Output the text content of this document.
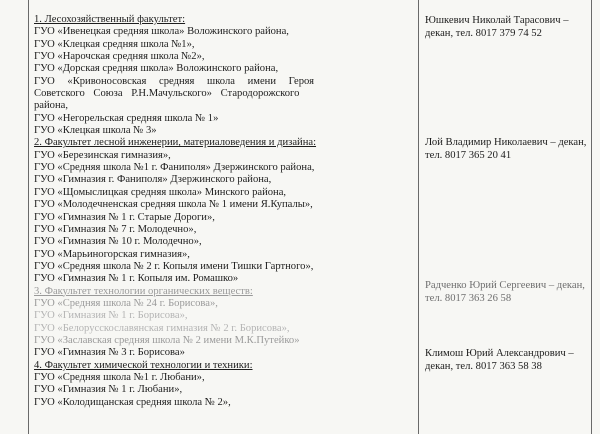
1. Лесохозяйственный факультет:
ГУО «Ивенецкая средняя школа» Воложинского района,
ГУО «Клецкая средняя школа №1»,
ГУО «Нарочская средняя школа №2»,
ГУО «Дорская средняя школа» Воложинского района,
ГУО «Кривоносовская средняя школа имени Героя
Советского Союза Р.Н.Мачульского» Стародорожского
района,
ГУО «Негорельская средняя школа № 1»
ГУО «Клецкая школа № 3»
2. Факультет лесной инженерии, материаловедения и дизайна:
ГУО «Березинская гимназия»,
ГУО «Средняя школа №1 г. Фаниполя» Дзержинского района,
ГУО «Гимназия г. Фаниполя» Дзержинского района,
ГУО «Щомыслицкая средняя школа» Минского района,
ГУО «Молодечненская средняя школа № 1 имени Я.Купалы»,
ГУО «Гимназия № 1 г. Старые Дороги»,
ГУО «Гимназия № 7 г. Молодечно»,
ГУО «Гимназия № 10 г. Молодечно»,
ГУО «Марьиногорская гимназия»,
ГУО «Средняя школа № 2 г. Копыля имени Тишки Гартного»,
ГУО «Гимназия № 1 г. Копыля им. Ромашко»
3. Факультет технологии органических веществ:
ГУО «Средняя школа № 24 г. Борисова»,
ГУО «Гимназия № 1 г. Борисова»,
ГУО «Белорусскославянская гимназия № 2 г. Борисова»,
ГУО «Заславская средняя школа № 2 имени М.К.Путейко»
ГУО «Гимназия № 3 г. Борисова»
4. Факультет химической технологии и техники:
ГУО «Средняя школа №1 г. Любани»,
ГУО «Гимназия № 1 г. Любани»,
ГУО «Колодищанская средняя школа № 2»,
Юшкевич Николай Тарасович – декан, тел. 8017 379 74 52
Лой Владимир Николаевич – декан, тел. 8017 365 20 41
Радченко Юрий Сергеевич – декан, тел. 8017 363 26 58
Климош Юрий Александрович – декан, тел. 8017 363 58 38
